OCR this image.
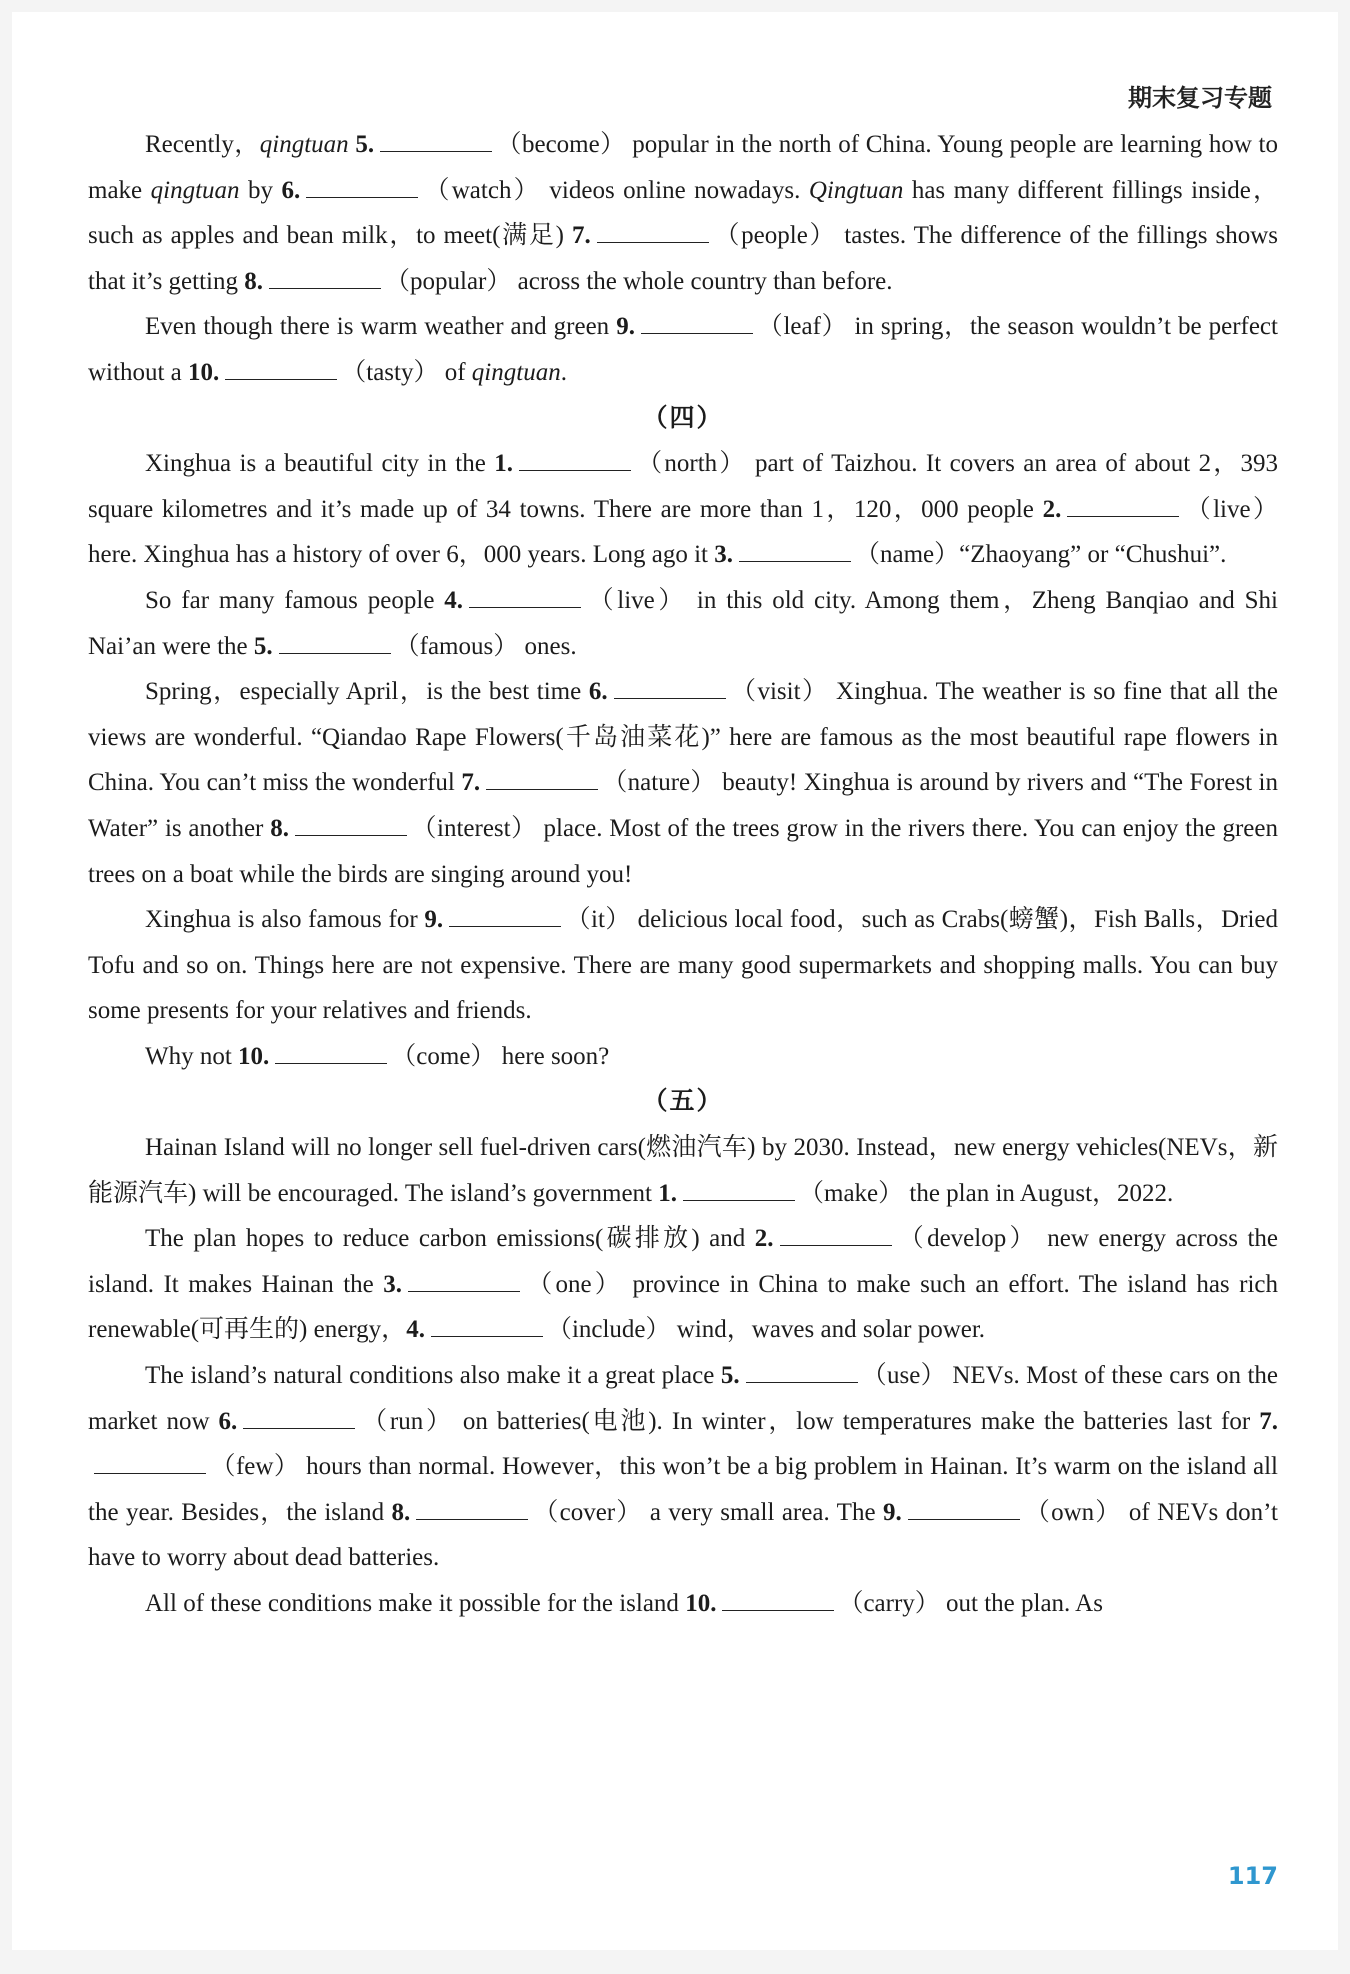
期末复习专题

Recently，qingtuan 5.	（become） popular in the north of China. Young people are learning how to make qingtuan by 6.	（watch） videos online nowadays. Qingtuan has many different fillings inside，such as apples and bean milk，to meet(满足) 7.	（people） tastes. The difference of the fillings shows that it’s getting 8.	（popular） across the whole country than before.

Even though there is warm weather and green 9.	（leaf） in spring，the season wouldn’t be perfect without a 10.	（tasty） of qingtuan.

（四）

Xinghua is a beautiful city in the 1.	（north） part of Taizhou. It covers an area of about 2，393 square kilometres and it’s made up of 34 towns. There are more than 1，120，000 people 2.	（live） here. Xinghua has a history of over 6，000 years. Long ago it 3.	（name）“Zhaoyang” or “Chushui”.

So far many famous people 4.	（live） in this old city. Among them，Zheng Banqiao and Shi Nai’an were the 5.	（famous） ones.

Spring，especially April，is the best time 6.	（visit） Xinghua. The weather is so fine that all the views are wonderful. “Qiandao Rape Flowers(千岛油菜花)” here are famous as the most beautiful rape flowers in China. You can’t miss the wonderful 7.	（nature） beauty! Xinghua is around by rivers and “The Forest in Water” is another 8.	（interest） place. Most of the trees grow in the rivers there. You can enjoy the green trees on a boat while the birds are singing around you!

Xinghua is also famous for 9.	（it） delicious local food，such as Crabs(螃蟹)，Fish Balls，Dried Tofu and so on. Things here are not expensive. There are many good supermarkets and shopping malls. You can buy some presents for your relatives and friends.

Why not 10.	（come） here soon?

（五）

Hainan Island will no longer sell fuel-driven cars(燃油汽车) by 2030. Instead，new energy vehicles(NEVs，新能源汽车) will be encouraged. The island’s government 1.	（make） the plan in August，2022.

The plan hopes to reduce carbon emissions(碳排放) and 2.	（develop） new energy across the island. It makes Hainan the 3.	（one） province in China to make such an effort. The island has rich renewable(可再生的) energy，4.	（include） wind，waves and solar power.

The island’s natural conditions also make it a great place 5.	（use） NEVs. Most of these cars on the market now 6.	（run） on batteries(电池). In winter，low temperatures make the batteries last for 7.（few） hours than normal. However，this won’t be a big problem in Hainan. It’s warm on the island all the year. Besides，the island 8.	（cover） a very small area. The 9.	（own） of NEVs don’t have to worry about dead batteries.

All of these conditions make it possible for the island 10.	（carry） out the plan. As

117
